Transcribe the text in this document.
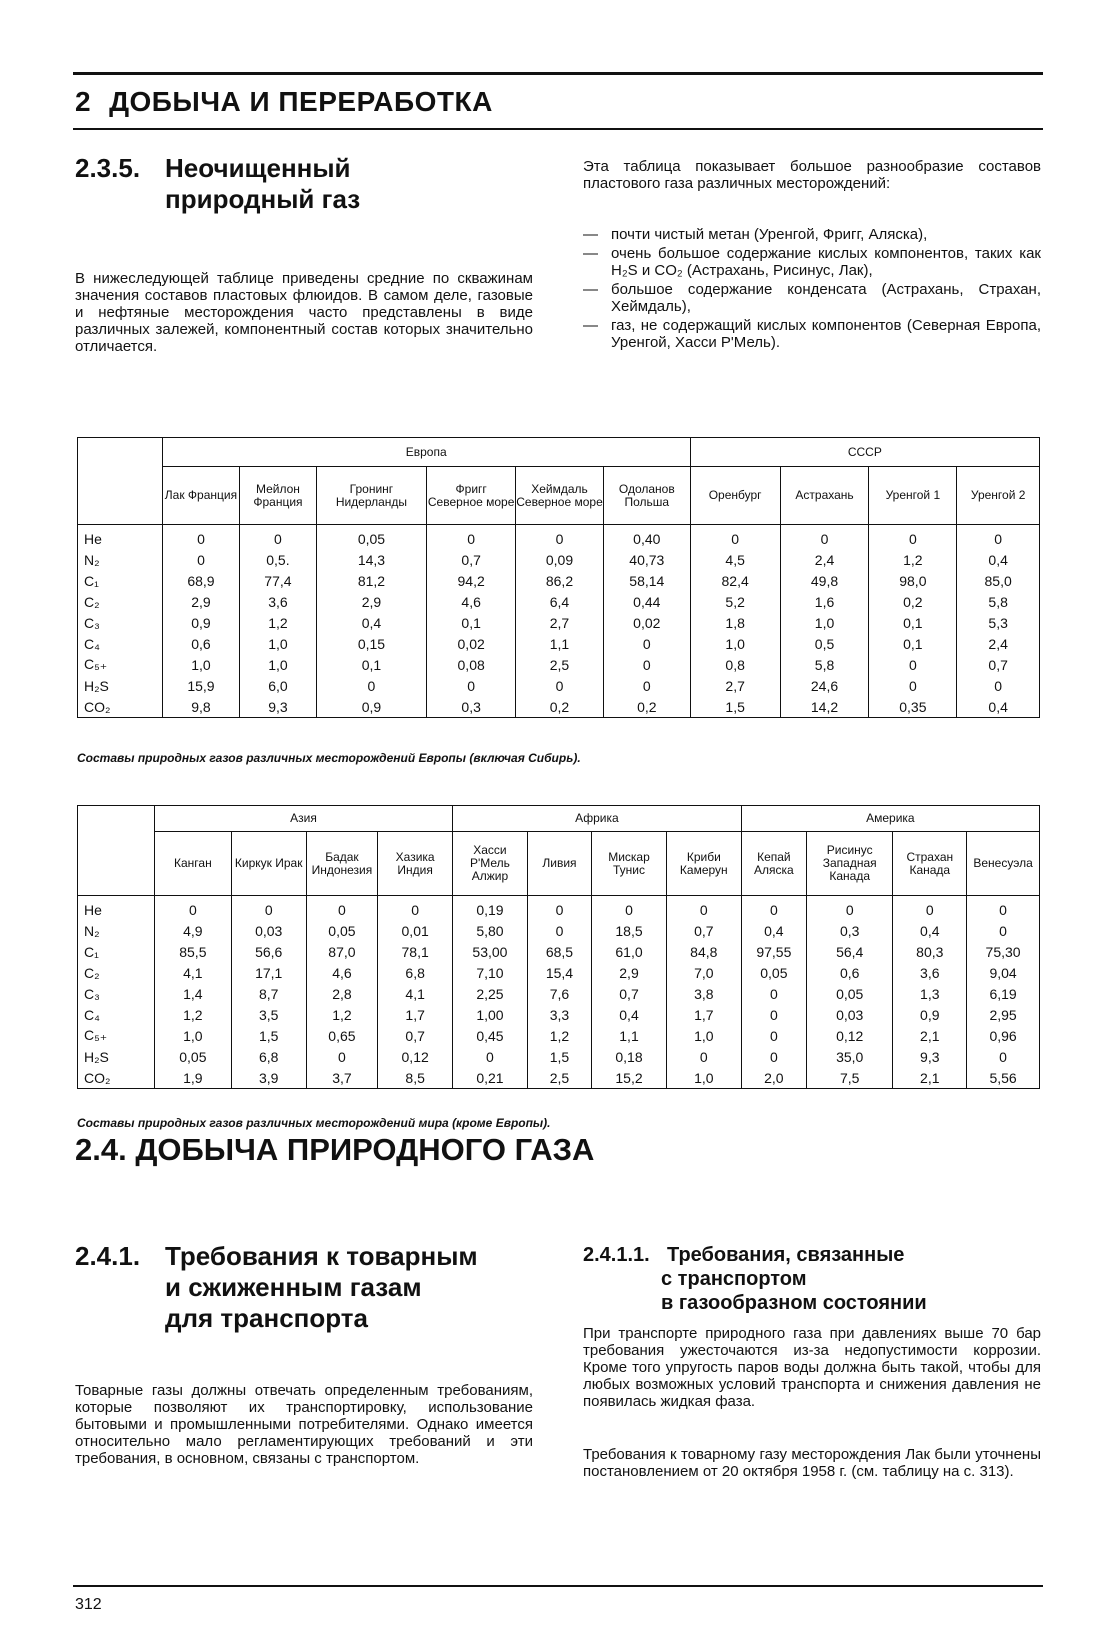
2 ДОБЫЧА И ПЕРЕРАБОТКА
2.3.5. Неочищенный
природный газ

В нижеследующей таблице приведены средние по скважинам значения составов пластовых флюидов. В самом деле, газовые и нефтяные месторождения часто представлены в виде различных залежей, компонентный состав которых значительно отличается.

Эта таблица показывает большое разнообразие составов пластового газа различных месторождений:

— почти чистый метан (Уренгой, Фригг, Аляска),
— очень большое содержание кислых компонентов, таких как H₂S и CO₂ (Астрахань, Рисинус, Лак),
— большое содержание конденсата (Астрахань, Страхан, Хеймдаль),
— газ, не содержащий кислых компонентов (Северная Европа, Уренгой, Хасси Р'Мель).
	Европа						СССР			
	Лак Франция	Мейлон Франция	Гронинг Нидерланды	Фригг Северное море	Хеймдаль Северное море	Одоланов Польша	Оренбург	Астрахань	Уренгой 1	Уренгой 2
He	0	0	0,05	0	0	0,40	0	0	0	0
N₂	0	0,5.	14,3	0,7	0,09	40,73	4,5	2,4	1,2	0,4
C₁	68,9	77,4	81,2	94,2	86,2	58,14	82,4	49,8	98,0	85,0
C₂	2,9	3,6	2,9	4,6	6,4	0,44	5,2	1,6	0,2	5,8
C₃	0,9	1,2	0,4	0,1	2,7	0,02	1,8	1,0	0,1	5,3
C₄	0,6	1,0	0,15	0,02	1,1	0	1,0	0,5	0,1	2,4
C₅₊	1,0	1,0	0,1	0,08	2,5	0	0,8	5,8	0	0,7
H₂S	15,9	6,0	0	0	0	0	2,7	24,6	0	0
CO₂	9,8	9,3	0,9	0,3	0,2	0,2	1,5	14,2	0,35	0,4
Составы природных газов различных месторождений Европы (включая Сибирь).
	Азия				Африка				Америка			
	Канган	Киркук Ирак	Бадак Индонезия	Хазика Индия	Хасси Р'Мель Алжир	Ливия	Мискар Тунис	Криби Камерун	Кепай Аляска	Рисинус Западная Канада	Страхан Канада	Венесуэла
He	0	0	0	0	0,19	0	0	0	0	0	0	0
N₂	4,9	0,03	0,05	0,01	5,80	0	18,5	0,7	0,4	0,3	0,4	0
C₁	85,5	56,6	87,0	78,1	53,00	68,5	61,0	84,8	97,55	56,4	80,3	75,30
C₂	4,1	17,1	4,6	6,8	7,10	15,4	2,9	7,0	0,05	0,6	3,6	9,04
C₃	1,4	8,7	2,8	4,1	2,25	7,6	0,7	3,8	0	0,05	1,3	6,19
C₄	1,2	3,5	1,2	1,7	1,00	3,3	0,4	1,7	0	0,03	0,9	2,95
C₅₊	1,0	1,5	0,65	0,7	0,45	1,2	1,1	1,0	0	0,12	2,1	0,96
H₂S	0,05	6,8	0	0,12	0	1,5	0,18	0	0	35,0	9,3	0
CO₂	1,9	3,9	3,7	8,5	0,21	2,5	15,2	1,0	2,0	7,5	2,1	5,56
Составы природных газов различных месторождений мира (кроме Европы).
2.4. ДОБЫЧА ПРИРОДНОГО ГАЗА
2.4.1. Требования к товарным
и сжиженным газам
для транспорта

Товарные газы должны отвечать определенным требованиям, которые позволяют их транспортировку, использование бытовыми и промышленными потребителями. Однако имеется относительно мало регламентирующих требований и эти требования, в основном, связаны с транспортом.

2.4.1.1. Требования, связанные
с транспортом
в газообразном состоянии

При транспорте природного газа при давлениях выше 70 бар требования ужесточаются из-за недопустимости коррозии. Кроме того упругость паров воды должна быть такой, чтобы для любых возможных условий транспорта и снижения давления не появилась жидкая фаза.

Требования к товарному газу месторождения Лак были уточнены постановлением от 20 октября 1958 г. (см. таблицу на с. 313).

312
